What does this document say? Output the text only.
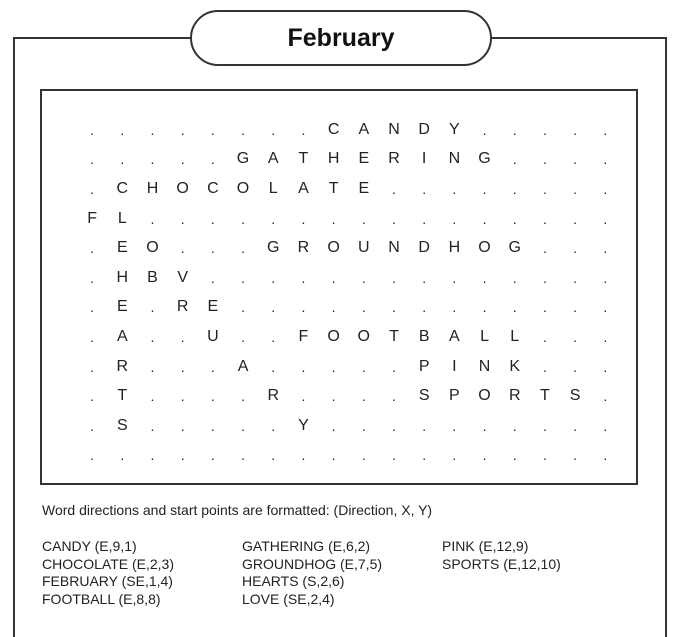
February
.	.	.	.	.	.	.	.	C	A	N	D	Y	.	.	.	.	.
.	.	.	.	.	G	A	T	H	E	R	I	N	G	.	.	.	.
.	C	H	O	C	O	L	A	T	E	.	.	.	.	.	.	.	.
F	L	.	.	.	.	.	.	.	.	.	.	.	.	.	.	.	.
.	E	O	.	.	.	G	R	O	U	N	D	H	O	G	.	.	.
.	H	B	V	.	.	.	.	.	.	.	.	.	.	.	.	.	.
.	E	.	R	E	.	.	.	.	.	.	.	.	.	.	.	.	.
.	A	.	.	U	.	.	F	O	O	T	B	A	L	L	.	.	.
.	R	.	.	.	A	.	.	.	.	.	P	I	N	K	.	.	.
.	T	.	.	.	.	R	.	.	.	.	S	P	O	R	T	S	.
.	S	.	.	.	.	.	Y	.	.	.	.	.	.	.	.	.	.
.	.	.	.	.	.	.	.	.	.	.	.	.	.	.	.	.	.
Word directions and start points are formatted: (Direction, X, Y)
CANDY (E,9,1)
CHOCOLATE (E,2,3)
FEBRUARY (SE,1,4)
FOOTBALL (E,8,8)
GATHERING (E,6,2)
GROUNDHOG (E,7,5)
HEARTS (S,2,6)
LOVE (SE,2,4)
PINK (E,12,9)
SPORTS (E,12,10)
